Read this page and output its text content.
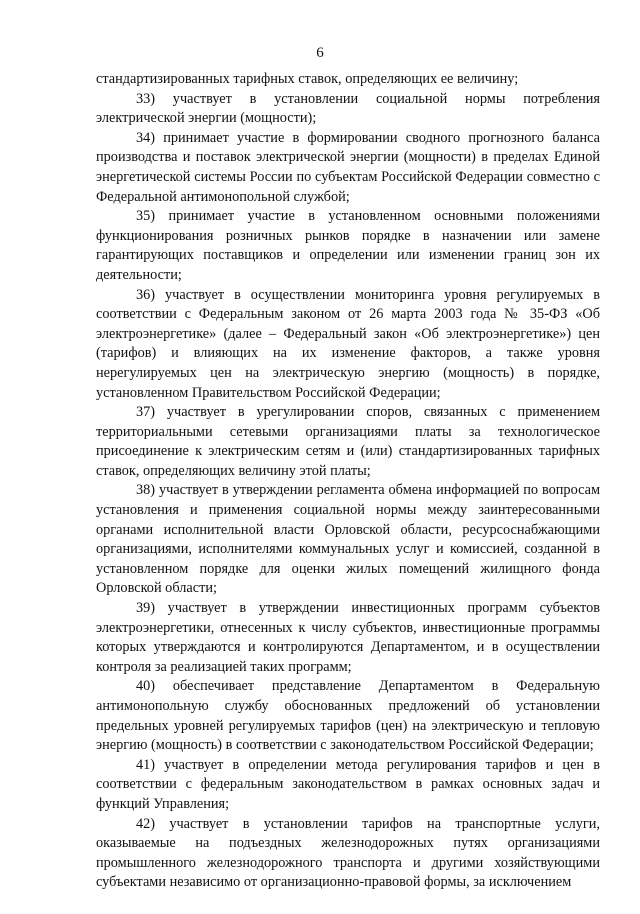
6

стандартизированных тарифных ставок, определяющих ее величину;

33) участвует в установлении социальной нормы потребления электрической энергии (мощности);

34) принимает участие в формировании сводного прогнозного баланса производства и поставок электрической энергии (мощности) в пределах Единой энергетической системы России по субъектам Российской Федерации совместно с Федеральной антимонопольной службой;

35) принимает участие в установленном основными положениями функционирования розничных рынков порядке в назначении или замене гарантирующих поставщиков и определении или изменении границ зон их деятельности;

36) участвует в осуществлении мониторинга уровня регулируемых в соответствии с Федеральным законом от 26 марта 2003 года № 35-ФЗ «Об электроэнергетике» (далее – Федеральный закон «Об электроэнергетике») цен (тарифов) и влияющих на их изменение факторов, а также уровня нерегулируемых цен на электрическую энергию (мощность) в порядке, установленном Правительством Российской Федерации;

37) участвует в урегулировании споров, связанных с применением территориальными сетевыми организациями платы за технологическое присоединение к электрическим сетям и (или) стандартизированных тарифных ставок, определяющих величину этой платы;

38) участвует в утверждении регламента обмена информацией по вопросам установления и применения социальной нормы между заинтересованными органами исполнительной власти Орловской области, ресурсоснабжающими организациями, исполнителями коммунальных услуг и комиссией, созданной в установленном порядке для оценки жилых помещений жилищного фонда Орловской области;

39) участвует в утверждении инвестиционных программ субъектов электроэнергетики, отнесенных к числу субъектов, инвестиционные программы которых утверждаются и контролируются Департаментом, и в осуществлении контроля за реализацией таких программ;

40) обеспечивает представление Департаментом в Федеральную антимонопольную службу обоснованных предложений об установлении предельных уровней регулируемых тарифов (цен) на электрическую и тепловую энергию (мощность) в соответствии с законодательством Российской Федерации;

41) участвует в определении метода регулирования тарифов и цен в соответствии с федеральным законодательством в рамках основных задач и функций Управления;

42) участвует в установлении тарифов на транспортные услуги, оказываемые на подъездных железнодорожных путях организациями промышленного железнодорожного транспорта и другими хозяйствующими субъектами независимо от организационно-правовой формы, за исключением
